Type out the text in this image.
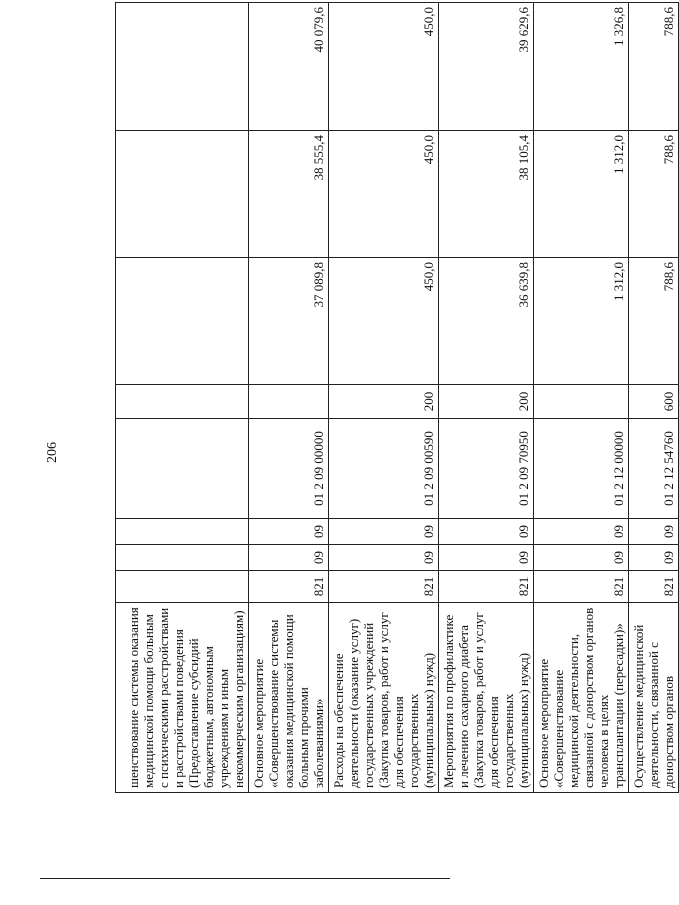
206
шенствование системы оказания медицинской помощи больным с психическими расстройствами и расстройствами поведения (Предоставление субсидий бюджетным, автономным учреждениям и иным некоммерческим организациям)								
Основное мероприятие «Совершенствование системы оказания медицинской помощи больным прочими заболеваниями»	821	09	09	01 2 09 00000		37 089,8	38 555,4	40 079,6
Расходы на обеспечение деятельности (оказание услуг) государственных учреждений (Закупка товаров, работ и услуг для обеспечения государственных (муниципальных) нужд)	821	09	09	01 2 09 00590	200	450,0	450,0	450,0
Мероприятия по профилактике и лечению сахарного диабета (Закупка товаров, работ и услуг для обеспечения государственных (муниципальных) нужд)	821	09	09	01 2 09 70950	200	36 639,8	38 105,4	39 629,6
Основное мероприятие «Совершенствование медицинской деятельности, связанной с донорством органов человека в целях трансплантации (пересадки)»	821	09	09	01 2 12 00000		1 312,0	1 312,0	1 326,8
Осуществление медицинской деятельности, связанной с донорством органов	821	09	09	01 2 12 54760	600	788,6	788,6	788,6
